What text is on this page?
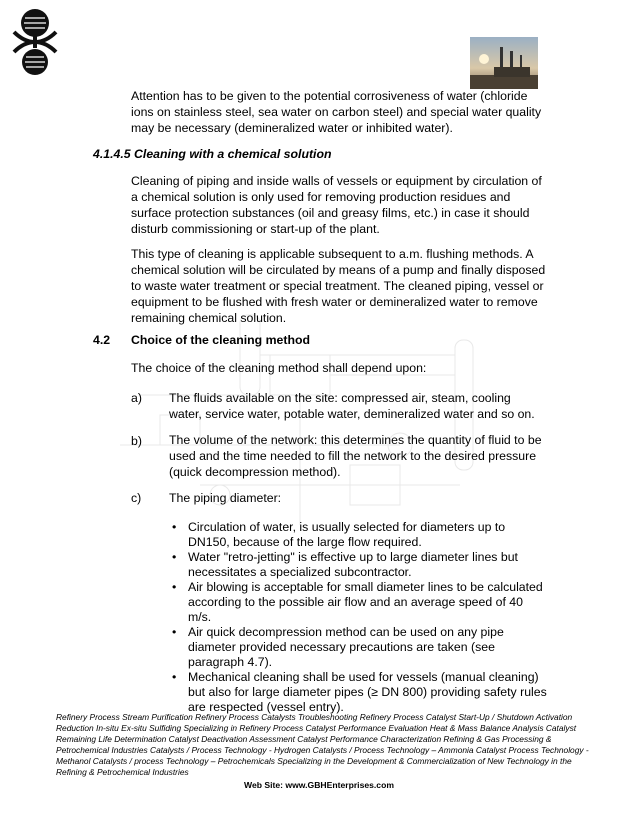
Attention has to be given to the potential corrosiveness of water (chloride ions on stainless steel, sea water on carbon steel) and special water quality may be necessary (demineralized water or inhibited water).

4.1.4.5 Cleaning with a chemical solution

Cleaning of piping and inside walls of vessels or equipment by circulation of a chemical solution is only used for removing production residues and surface protection substances (oil and greasy films, etc.) in case it should disturb commissioning or start-up of the plant.

This type of cleaning is applicable subsequent to a.m. flushing methods. A chemical solution will be circulated by means of a pump and finally disposed to waste water treatment or special treatment. The cleaned piping, vessel or equipment to be flushed with fresh water or demineralized water to remove remaining chemical solution.

4.2 Choice of the cleaning method

The choice of the cleaning method shall depend upon:

a) The fluids available on the site: compressed air, steam, cooling water, service water, potable water, demineralized water and so on.

b) The volume of the network: this determines the quantity of fluid to be used and the time needed to fill the network to the desired pressure (quick decompression method).

c) The piping diameter:

• Circulation of water, is usually selected for diameters up to DN150, because of the large flow required.

• Water "retro-jetting" is effective up to large diameter lines but necessitates a specialized subcontractor.

• Air blowing is acceptable for small diameter lines to be calculated according to the possible air flow and an average speed of 40 m/s.

• Air quick decompression method can be used on any pipe diameter provided necessary precautions are taken (see paragraph 4.7).

• Mechanical cleaning shall be used for vessels (manual cleaning) but also for large diameter pipes (≥ DN 800) providing safety rules are respected (vessel entry).

Refinery Process Stream Purification Refinery Process Catalysts Troubleshooting Refinery Process Catalyst Start-Up / Shutdown Activation Reduction In-situ Ex-situ Sulfiding Specializing in Refinery Process Catalyst Performance Evaluation Heat & Mass Balance Analysis Catalyst Remaining Life Determination Catalyst Deactivation Assessment Catalyst Performance Characterization Refining & Gas Processing & Petrochemical Industries Catalysts / Process Technology - Hydrogen Catalysts / Process Technology – Ammonia Catalyst Process Technology - Methanol Catalysts / process Technology – Petrochemicals Specializing in the Development & Commercialization of New Technology in the Refining & Petrochemical Industries

Web Site: www.GBHEnterprises.com
